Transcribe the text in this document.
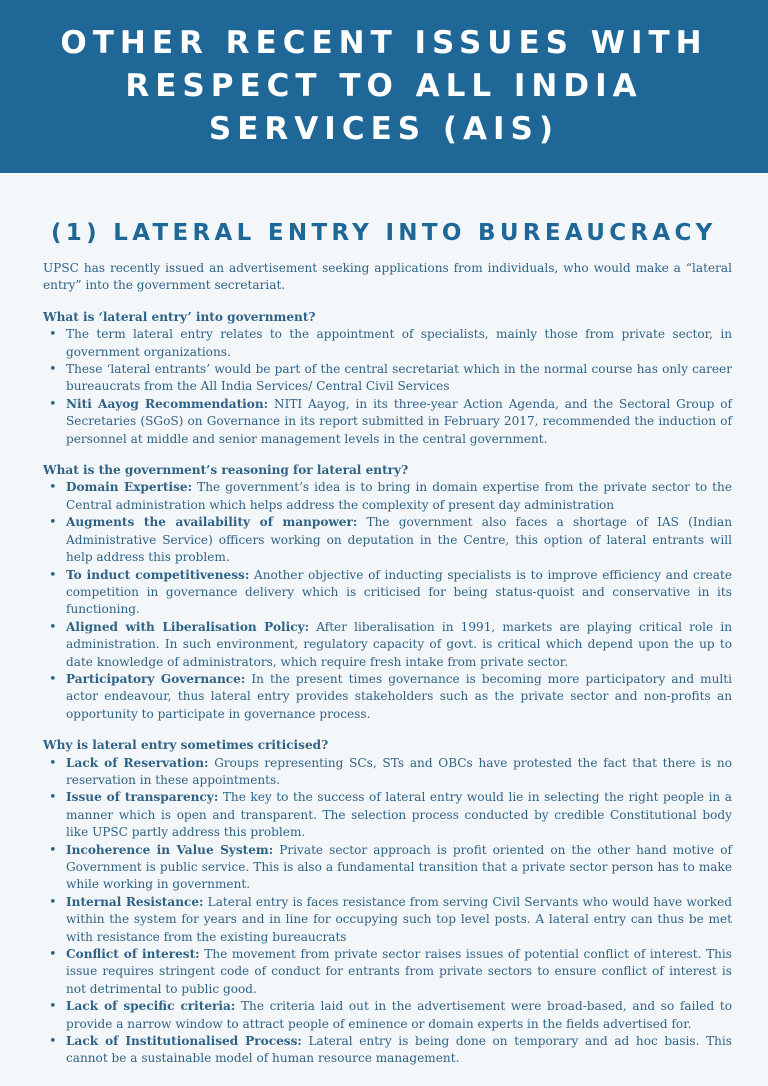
OTHER RECENT ISSUES WITH RESPECT TO ALL INDIA SERVICES (AIS)
(1) LATERAL ENTRY INTO BUREAUCRACY

UPSC has recently issued an advertisement seeking applications from individuals, who would make a “lateral entry” into the government secretariat.

What is ‘lateral entry’ into government?

• The term lateral entry relates to the appointment of specialists, mainly those from private sector, in government organizations.
• These ‘lateral entrants’ would be part of the central secretariat which in the normal course has only career bureaucrats from the All India Services/ Central Civil Services
• Niti Aayog Recommendation: NITI Aayog, in its three-year Action Agenda, and the Sectoral Group of Secretaries (SGoS) on Governance in its report submitted in February 2017, recommended the induction of personnel at middle and senior management levels in the central government.

What is the government’s reasoning for lateral entry?

• Domain Expertise: The government’s idea is to bring in domain expertise from the private sector to the Central administration which helps address the complexity of present day administration
• Augments the availability of manpower: The government also faces a shortage of IAS (Indian Administrative Service) officers working on deputation in the Centre, this option of lateral entrants will help address this problem.
• To induct competitiveness: Another objective of inducting specialists is to improve efficiency and create competition in governance delivery which is criticised for being status-quoist and conservative in its functioning.
• Aligned with Liberalisation Policy: After liberalisation in 1991, markets are playing critical role in administration. In such environment, regulatory capacity of govt. is critical which depend upon the up to date knowledge of administrators, which require fresh intake from private sector.
• Participatory Governance: In the present times governance is becoming more participatory and multi actor endeavour, thus lateral entry provides stakeholders such as the private sector and non-profits an opportunity to participate in governance process.

Why is lateral entry sometimes criticised?

• Lack of Reservation: Groups representing SCs, STs and OBCs have protested the fact that there is no reservation in these appointments.
• Issue of transparency: The key to the success of lateral entry would lie in selecting the right people in a manner which is open and transparent. The selection process conducted by credible Constitutional body like UPSC partly address this problem.
• Incoherence in Value System: Private sector approach is profit oriented on the other hand motive of Government is public service. This is also a fundamental transition that a private sector person has to make while working in government.
• Internal Resistance: Lateral entry is faces resistance from serving Civil Servants who would have worked within the system for years and in line for occupying such top level posts. A lateral entry can thus be met with resistance from the existing bureaucrats
• Conflict of interest: The movement from private sector raises issues of potential conflict of interest. This issue requires stringent code of conduct for entrants from private sectors to ensure conflict of interest is not detrimental to public good.
• Lack of specific criteria: The criteria laid out in the advertisement were broad-based, and so failed to provide a narrow window to attract people of eminence or domain experts in the fields advertised for.
• Lack of Institutionalised Process: Lateral entry is being done on temporary and ad hoc basis. This cannot be a sustainable model of human resource management.
